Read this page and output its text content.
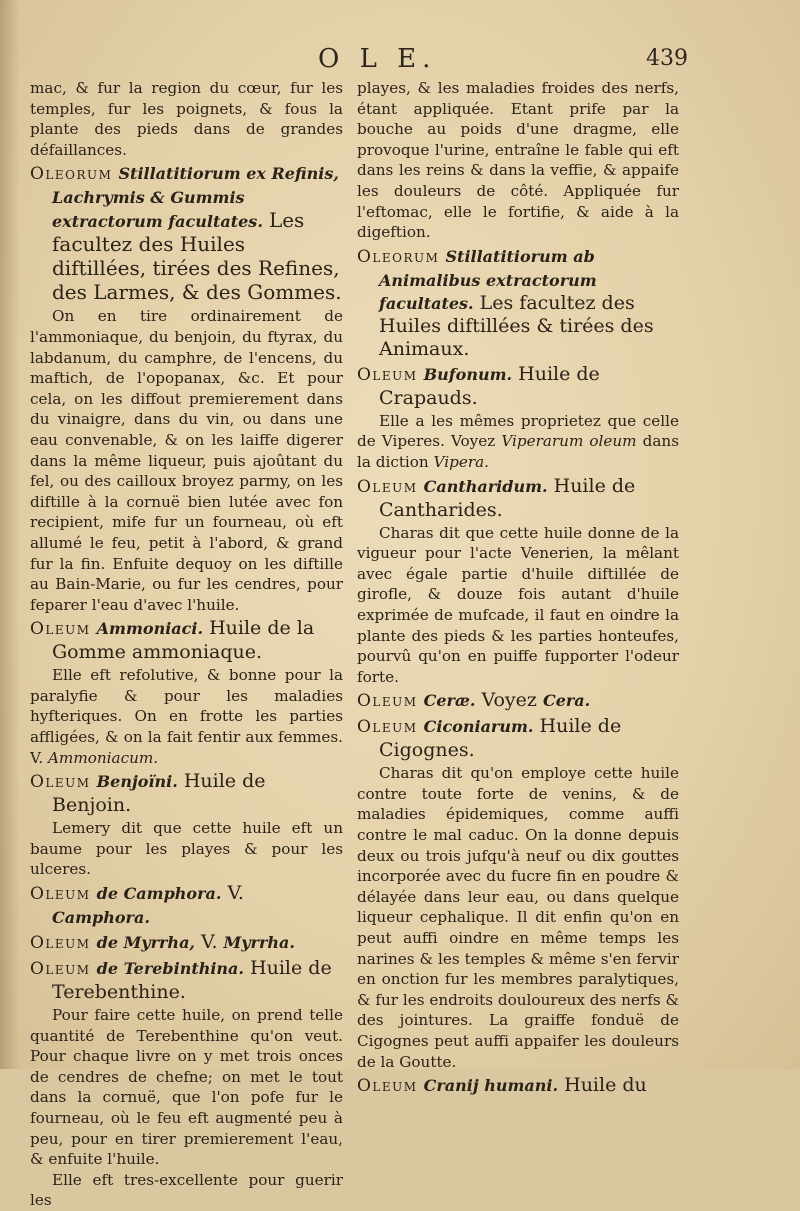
O L E.	439

mac, & fur la region du cœur, fur les temples, fur les poignets, & fous la plante des pieds dans de grandes défaillances.

Oleorum Stillatitiorum ex Refinis, Lachrymis & Gummis extractorum facultates. Les facultez des Huiles diftillées, tirées des Refines, des Larmes, & des Gommes.

On en tire ordinairement de l'ammoniaque, du benjoin, du ftyrax, du labdanum, du camphre, de l'encens, du maftich, de l'opopanax, &c. Et pour cela, on les diffout premierement dans du vinaigre, dans du vin, ou dans une eau convenable, & on les laiffe digerer dans la même liqueur, puis ajoûtant du fel, ou des cailloux broyez parmy, on les diftille à la cornuë bien lutée avec fon recipient, mife fur un fourneau, où eft allumé le feu, petit à l'abord, & grand fur la fin. Enfuite dequoy on les diftille au Bain-Marie, ou fur les cendres, pour feparer l'eau d'avec l'huile.

Oleum Ammoniaci. Huile de la Gomme ammoniaque.

Elle eft refolutive, & bonne pour la paralyfie & pour les maladies hyfteriques. On en frotte les parties affligées, & on la fait fentir aux femmes. V. Ammoniacum.

Oleum Benjoïni. Huile de Benjoin.

Lemery dit que cette huile eft un baume pour les playes & pour les ulceres.

Oleum de Camphora. V. Camphora.

Oleum de Myrrha, V. Myrrha.

Oleum de Terebinthina. Huile de Terebenthine.

Pour faire cette huile, on prend telle quantité de Terebenthine qu'on veut. Pour chaque livre on y met trois onces de cendres de chefne; on met le tout dans la cornuë, que l'on pofe fur le fourneau, où le feu eft augmenté peu à peu, pour en tirer premierement l'eau, & enfuite l'huile.

Elle eft tres-excellente pour guerir les

playes, & les maladies froides des nerfs, étant appliquée. Etant prife par la bouche au poids d'une dragme, elle provoque l'urine, entraîne le fable qui eft dans les reins & dans la veffie, & appaife les douleurs de côté. Appliquée fur l'eftomac, elle le fortifie, & aide à la digeftion.

Oleorum Stillatitiorum ab Animalibus extractorum facultates. Les facultez des Huiles diftillées & tirées des Animaux.

Oleum Bufonum. Huile de Crapauds.

Elle a les mêmes proprietez que celle de Viperes. Voyez Viperarum oleum dans la diction Vipera.

Oleum Cantharidum. Huile de Cantharides.

Charas dit que cette huile donne de la vigueur pour l'acte Venerien, la mêlant avec égale partie d'huile diftillée de girofle, & douze fois autant d'huile exprimée de mufcade, il faut en oindre la plante des pieds & les parties honteufes, pourvû qu'on en puiffe fupporter l'odeur forte.

Oleum Ceræ. Voyez Cera.

Oleum Ciconiarum. Huile de Cigognes.

Charas dit qu'on employe cette huile contre toute forte de venins, & de maladies épidemiques, comme auffi contre le mal caduc. On la donne depuis deux ou trois jufqu'à neuf ou dix gouttes incorporée avec du fucre fin en poudre & délayée dans leur eau, ou dans quelque liqueur cephalique. Il dit enfin qu'on en peut auffi oindre en même temps les narines & les temples & même s'en fervir en onction fur les membres paralytiques, & fur les endroits douloureux des nerfs & des jointures. La graiffe fonduë de Cigognes peut auffi appaifer les douleurs de la Goutte.

Oleum Cranij humani. Huile du
